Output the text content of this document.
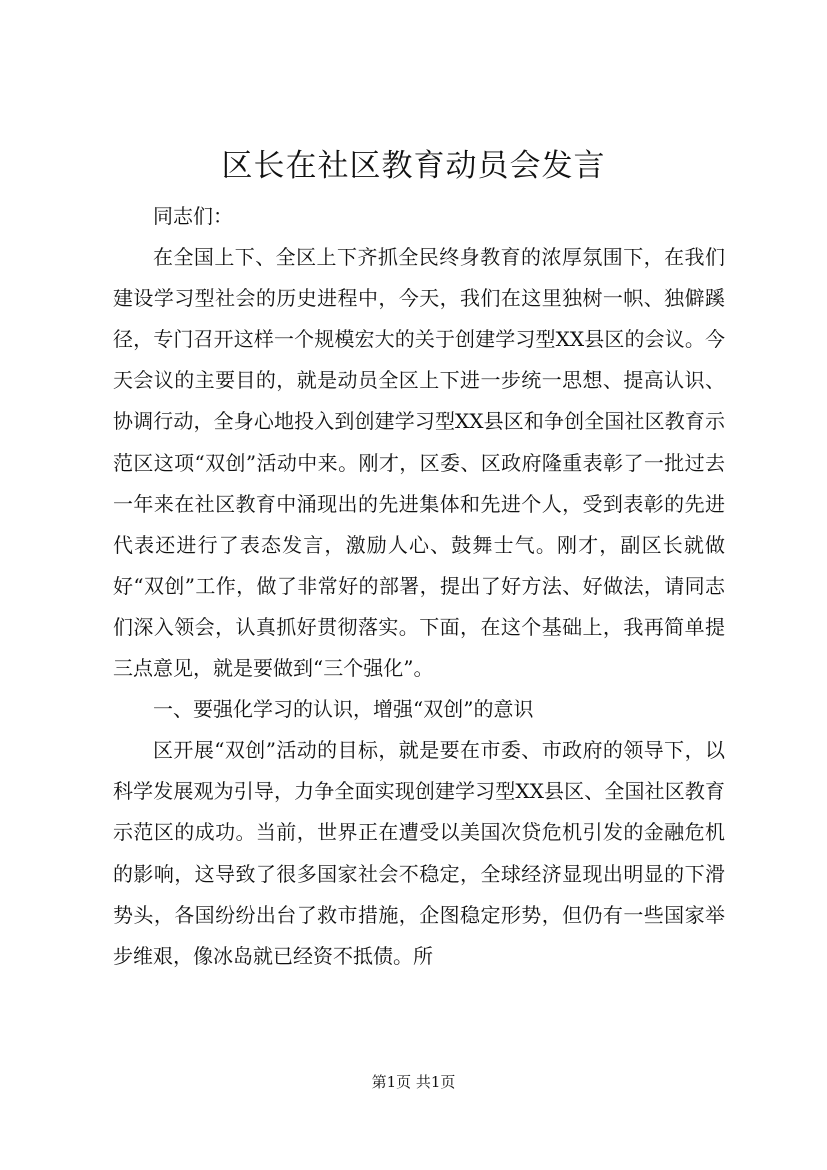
区长在社区教育动员会发言

同志们：

在全国上下、全区上下齐抓全民终身教育的浓厚氛围下，在我们建设学习型社会的历史进程中，今天，我们在这里独树一帜、独僻蹊径，专门召开这样一个规模宏大的关于创建学习型XX县区的会议。今天会议的主要目的，就是动员全区上下进一步统一思想、提高认识、协调行动，全身心地投入到创建学习型XX县区和争创全国社区教育示范区这项“双创”活动中来。刚才，区委、区政府隆重表彰了一批过去一年来在社区教育中涌现出的先进集体和先进个人，受到表彰的先进代表还进行了表态发言，激励人心、鼓舞士气。刚才，副区长就做好“双创”工作，做了非常好的部署，提出了好方法、好做法，请同志们深入领会，认真抓好贯彻落实。下面，在这个基础上，我再简单提三点意见，就是要做到“三个强化”。

一、要强化学习的认识，增强“双创”的意识

区开展“双创”活动的目标，就是要在市委、市政府的领导下，以科学发展观为引导，力争全面实现创建学习型XX县区、全国社区教育示范区的成功。当前，世界正在遭受以美国次贷危机引发的金融危机的影响，这导致了很多国家社会不稳定，全球经济显现出明显的下滑势头，各国纷纷出台了救市措施，企图稳定形势，但仍有一些国家举步维艰，像冰岛就已经资不抵债。所

第1页 共1页
